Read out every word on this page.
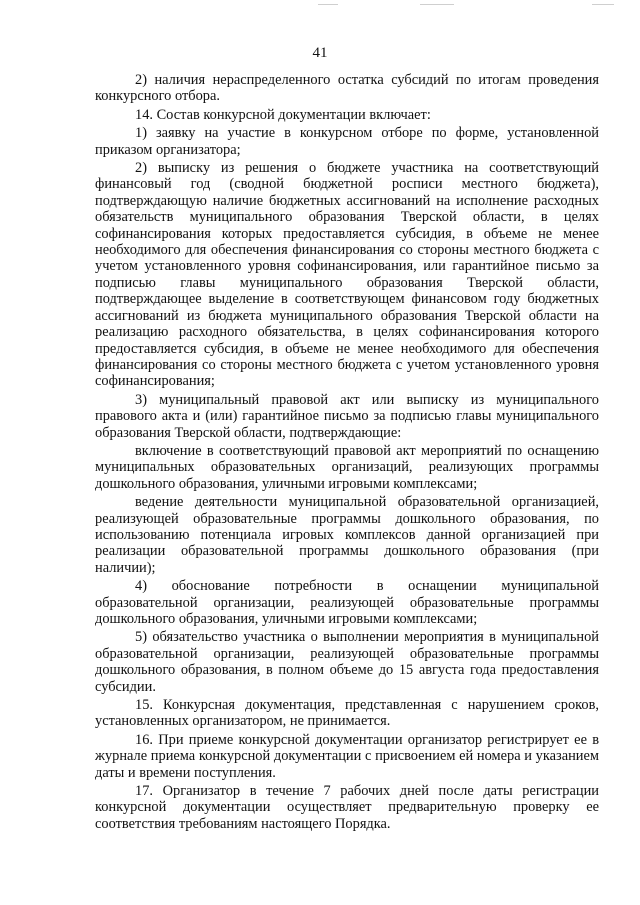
41

2) наличия нераспределенного остатка субсидий по итогам проведения конкурсного отбора.

14. Состав конкурсной документации включает:

1) заявку на участие в конкурсном отборе по форме, установленной приказом организатора;

2) выписку из решения о бюджете участника на соответствующий финансовый год (сводной бюджетной росписи местного бюджета), подтверждающую наличие бюджетных ассигнований на исполнение расходных обязательств муниципального образования Тверской области, в целях софинансирования которых предоставляется субсидия, в объеме не менее необходимого для обеспечения финансирования со стороны местного бюджета с учетом установленного уровня софинансирования, или гарантийное письмо за подписью главы муниципального образования Тверской области, подтверждающее выделение в соответствующем финансовом году бюджетных ассигнований из бюджета муниципального образования Тверской области на реализацию расходного обязательства, в целях софинансирования которого предоставляется субсидия, в объеме не менее необходимого для обеспечения финансирования со стороны местного бюджета с учетом установленного уровня софинансирования;

3) муниципальный правовой акт или выписку из муниципального правового акта и (или) гарантийное письмо за подписью главы муниципального образования Тверской области, подтверждающие:

включение в соответствующий правовой акт мероприятий по оснащению муниципальных образовательных организаций, реализующих программы дошкольного образования, уличными игровыми комплексами;

ведение деятельности муниципальной образовательной организацией, реализующей образовательные программы дошкольного образования, по использованию потенциала игровых комплексов данной организацией при реализации образовательной программы дошкольного образования (при наличии);

4) обоснование потребности в оснащении муниципальной образовательной организации, реализующей образовательные программы дошкольного образования, уличными игровыми комплексами;

5) обязательство участника о выполнении мероприятия в муниципальной образовательной организации, реализующей образовательные программы дошкольного образования, в полном объеме до 15 августа года предоставления субсидии.

15. Конкурсная документация, представленная с нарушением сроков, установленных организатором, не принимается.

16. При приеме конкурсной документации организатор регистрирует ее в журнале приема конкурсной документации с присвоением ей номера и указанием даты и времени поступления.

17. Организатор в течение 7 рабочих дней после даты регистрации конкурсной документации осуществляет предварительную проверку ее соответствия требованиям настоящего Порядка.
